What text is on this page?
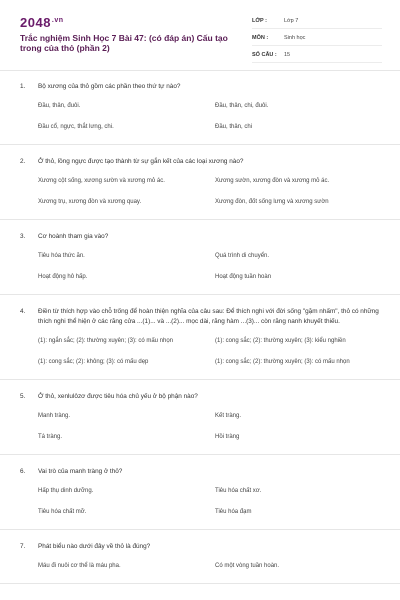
$2048^{.vn}$
Trắc nghiệm Sinh Học 7 Bài 47: (có đáp án) Cấu tạo trong của thỏ (phần 2)
LỚP :	Lớp 7
MÔN :	Sinh học
SỐ CÂU :	15
1.	Bộ xương của thỏ gồm các phần theo thứ tự nào?
Đầu, thân, đuôi.	Đầu, thân, chi, đuôi.
Đầu cổ, ngực, thắt lưng, chi.	Đầu, thân, chi
2.	Ở thỏ, lồng ngực được tạo thành từ sự gắn kết của các loại xương nào?
Xương cột sống, xương sườn và xương mỏ ác.	Xương sườn, xương đòn và xương mỏ ác.
Xương trụ, xương đòn và xương quay.	Xương đòn, đốt sống lưng và xương sườn
3.	Cơ hoành tham gia vào?
Tiêu hóa thức ăn.	Quá trình di chuyển.
Hoạt động hô hấp.	Hoạt động tuần hoàn
4.	Điền từ thích hợp vào chỗ trống để hoàn thiện nghĩa của câu sau: Để thích nghi với đời sống "gặm nhấm", thỏ có những thích nghi thể hiện ở các răng cửa ...(1)... và ...(2)... mọc dài, răng hàm ...(3)... còn răng nanh khuyết thiếu.
(1): ngắn sắc; (2): thường xuyên; (3): có mấu nhọn	(1): cong sắc; (2): thường xuyên; (3): kiểu nghiền
(1): cong sắc; (2): không; (3): có mấu dẹp	(1): cong sắc; (2): thường xuyên; (3): có mấu nhọn
5.	Ở thỏ, xenlulôzơ được tiêu hóa chủ yếu ở bộ phận nào?
Manh tràng.	Kết tràng.
Tá tràng.	Hồi tràng
6.	Vai trò của manh tràng ở thỏ?
Hấp thụ dinh dưỡng.	Tiêu hóa chất xơ.
Tiêu hóa chất mỡ.	Tiêu hóa đạm
7.	Phát biểu nào dưới đây về thỏ là đúng?
Máu đi nuôi cơ thể là máu pha.	Có một vòng tuần hoàn.
